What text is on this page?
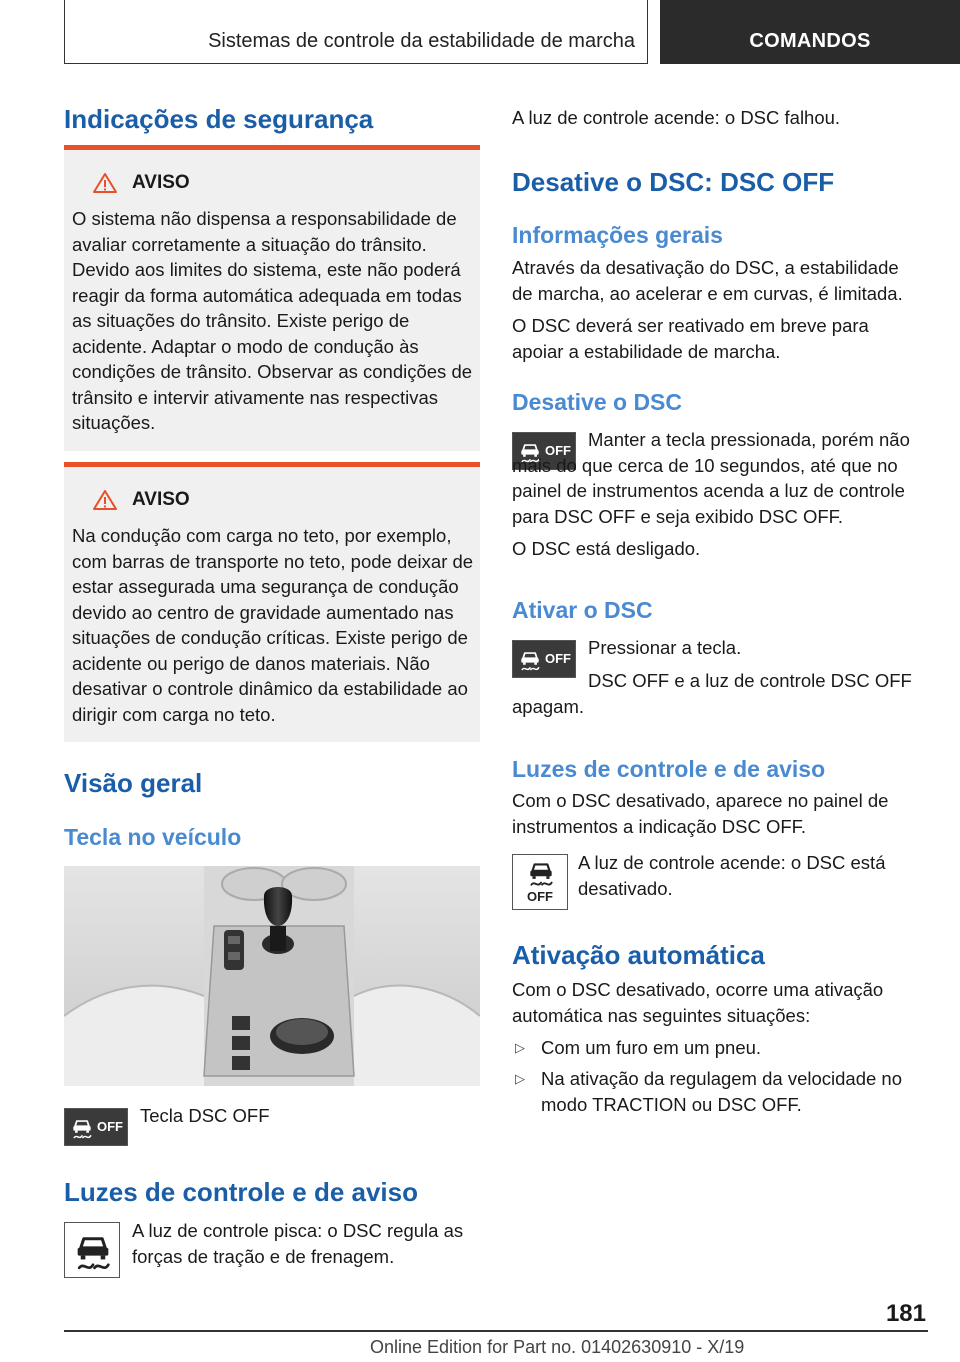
Sistemas de controle da estabilidade de marcha	COMANDOS
Indicações de segurança
AVISO
O sistema não dispensa a responsabilidade de avaliar corretamente a situação do trânsito. Devido aos limites do sistema, este não poderá reagir da forma automática adequada em todas as situações do trânsito. Existe perigo de acidente. Adaptar o modo de condução às condições de trânsito. Observar as condições de trânsito e intervir ativamente nas respectivas situações.
AVISO
Na condução com carga no teto, por exemplo, com barras de transporte no teto, pode deixar de estar assegurada uma segurança de condução devido ao centro de gravidade aumentado nas situações de condução críticas. Existe perigo de acidente ou perigo de danos materiais. Não desativar o controle dinâmico da estabilidade ao dirigir com carga no teto.
Visão geral
Tecla no veículo
OFF
Tecla DSC OFF
Luzes de controle e de aviso
A luz de controle pisca: o DSC regula as forças de tração e de frenagem.
A luz de controle acende: o DSC falhou.
Desative o DSC: DSC OFF
Informações gerais
Através da desativação do DSC, a estabilidade de marcha, ao acelerar e em curvas, é limitada.
O DSC deverá ser reativado em breve para apoiar a estabilidade de marcha.
Desative o DSC
OFF
Manter a tecla pressionada, porém não mais do que cerca de 10 segundos, até que no painel de instrumentos acenda a luz de controle para DSC OFF e seja exibido DSC OFF.
O DSC está desligado.
Ativar o DSC
OFF
Pressionar a tecla.
DSC OFF e a luz de controle DSC OFF apagam.
Luzes de controle e de aviso
Com o DSC desativado, aparece no painel de instrumentos a indicação DSC OFF.
OFF
A luz de controle acende: o DSC está desativado.
Ativação automática
Com o DSC desativado, ocorre uma ativação automática nas seguintes situações:
▷ Com um furo em um pneu.
▷ Na ativação da regulagem da velocidade no modo TRACTION ou DSC OFF.
181
Online Edition for Part no. 01402630910 - X/19
